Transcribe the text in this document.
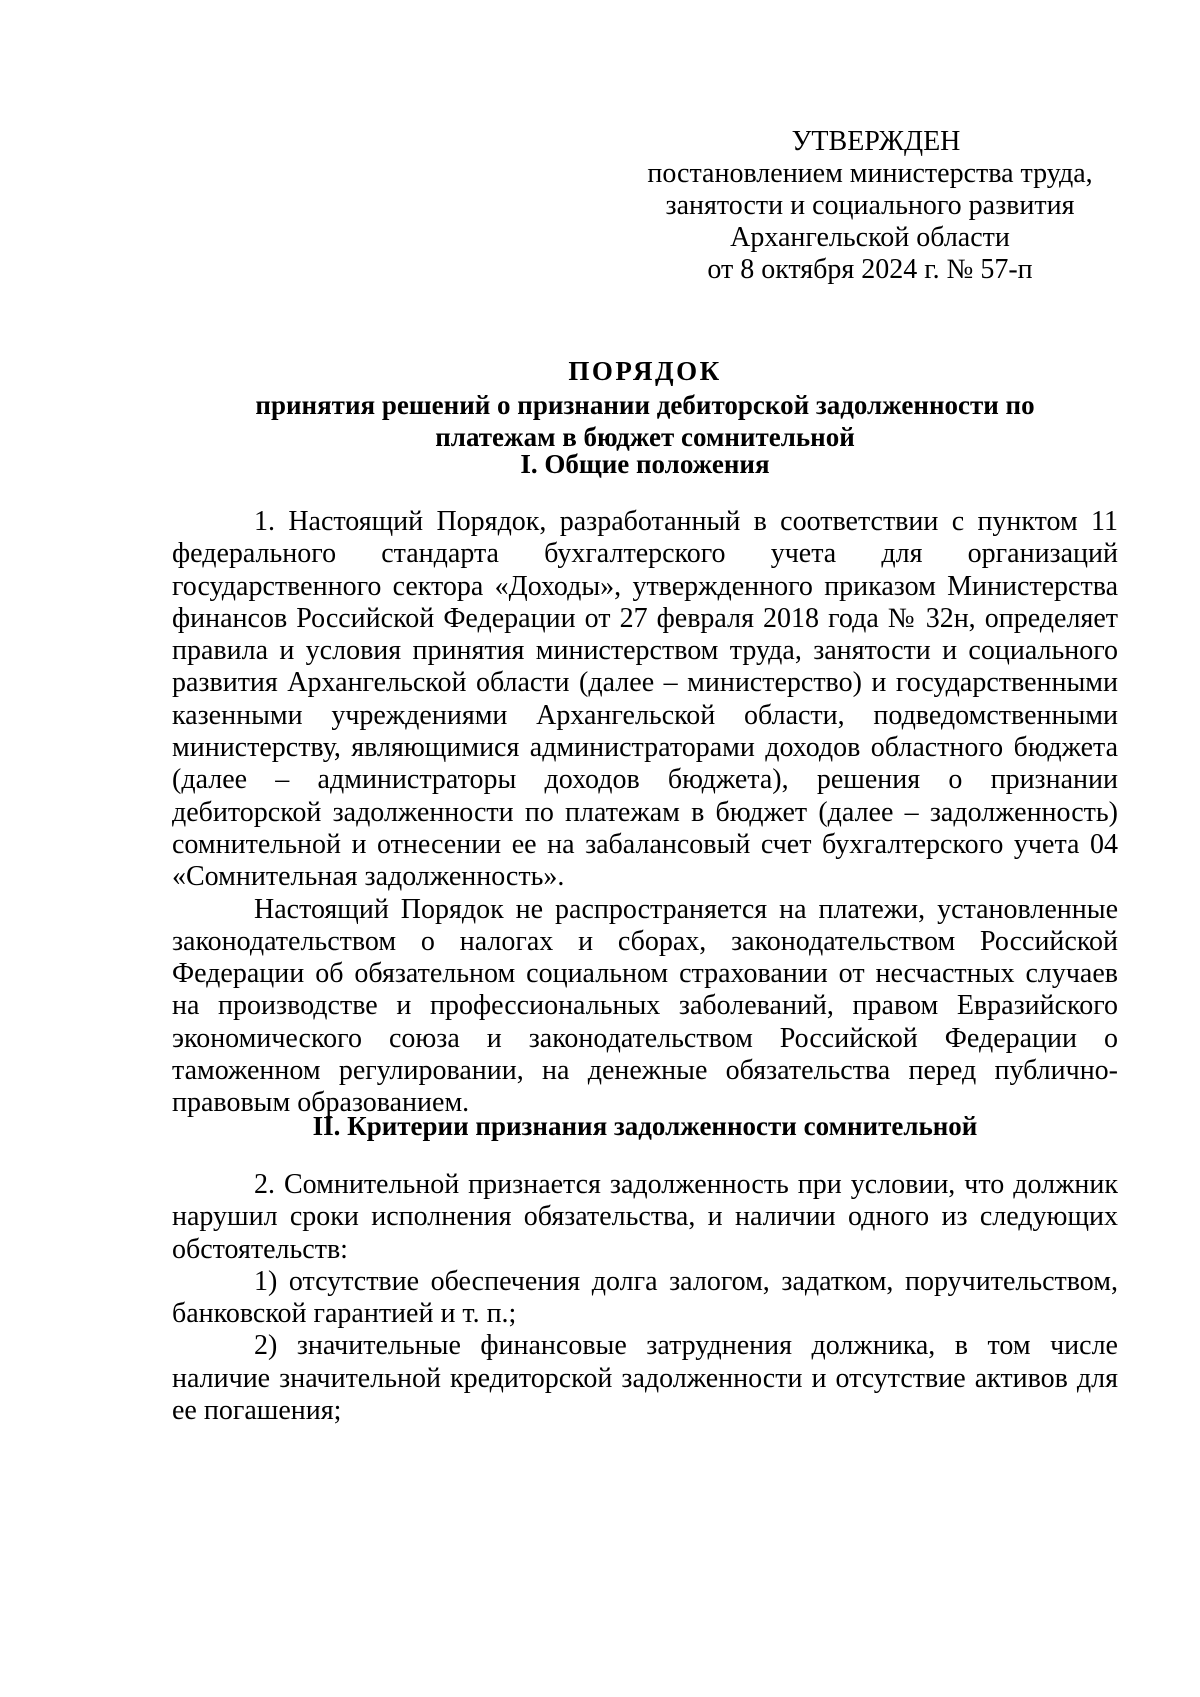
УТВЕРЖДЕН
постановлением министерства труда,
занятости и социального развития
Архангельской области
от 8 октября 2024 г. № 57-п
ПОРЯДОК
принятия решений о признании дебиторской задолженности по
платежам в бюджет сомнительной
I. Общие положения

1. Настоящий Порядок, разработанный в соответствии с пунктом 11 федерального стандарта бухгалтерского учета для организаций государственного сектора «Доходы», утвержденного приказом Министерства финансов Российской Федерации от 27 февраля 2018 года № 32н, определяет правила и условия принятия министерством труда, занятости и социального развития Архангельской области (далее – министерство) и государственными казенными учреждениями Архангельской области, подведомственными министерству, являющимися администраторами доходов областного бюджета (далее – администраторы доходов бюджета), решения о признании дебиторской задолженности по платежам в бюджет (далее – задолженность) сомнительной и отнесении ее на забалансовый счет бухгалтерского учета 04 «Сомнительная задолженность».

Настоящий Порядок не распространяется на платежи, установленные законодательством о налогах и сборах, законодательством Российской Федерации об обязательном социальном страховании от несчастных случаев на производстве и профессиональных заболеваний, правом Евразийского экономического союза и законодательством Российской Федерации о таможенном регулировании, на денежные обязательства перед публично-правовым образованием.

II. Критерии признания задолженности сомнительной

2. Сомнительной признается задолженность при условии, что должник нарушил сроки исполнения обязательства, и наличии одного из следующих обстоятельств:

1) отсутствие обеспечения долга залогом, задатком, поручительством, банковской гарантией и т. п.;

2) значительные финансовые затруднения должника, в том числе наличие значительной кредиторской задолженности и отсутствие активов для ее погашения;
